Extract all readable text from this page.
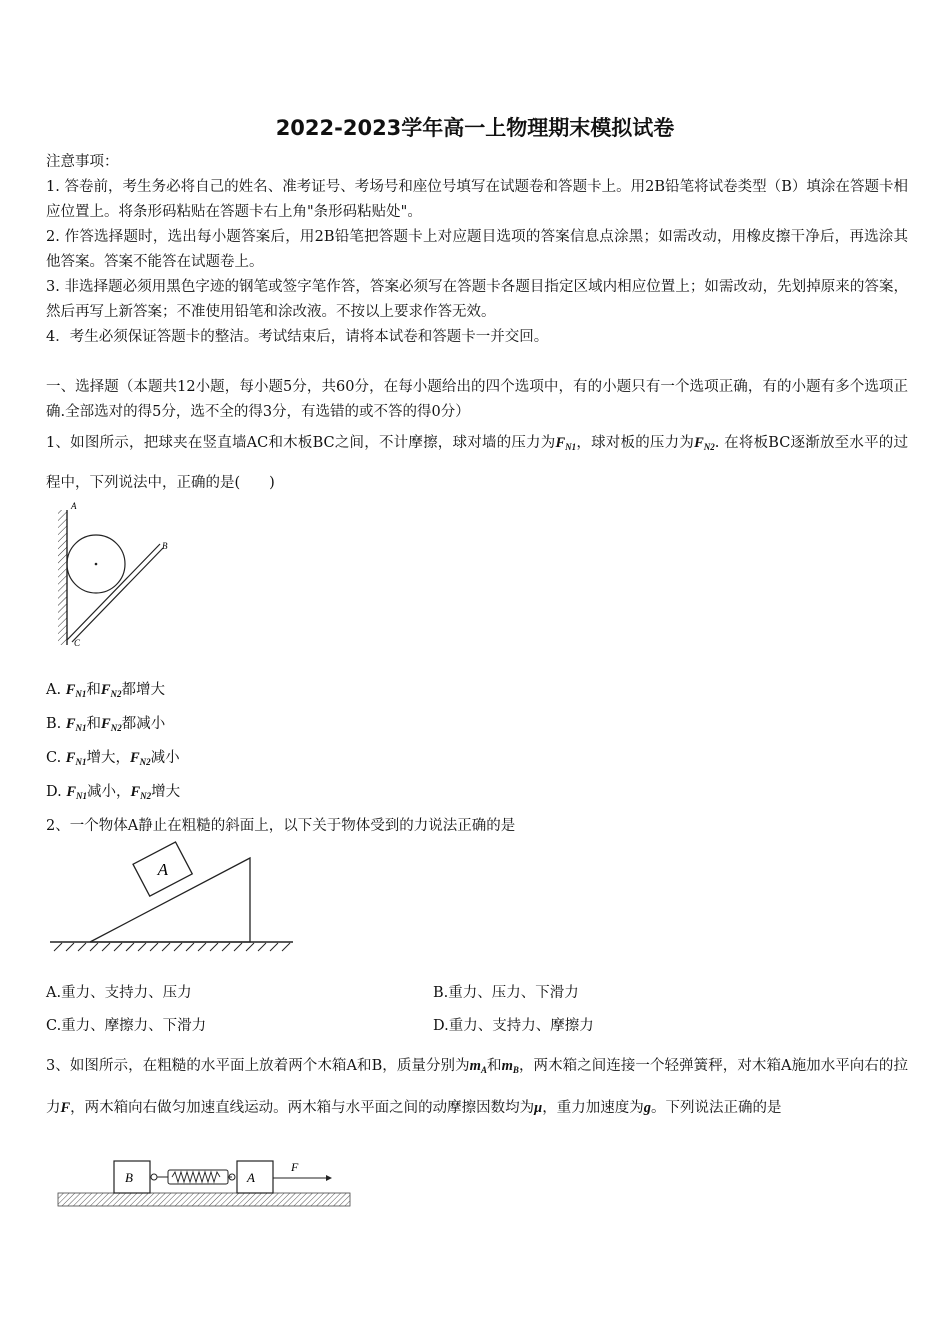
2022-2023学年高一上物理期末模拟试卷
注意事项：
1. 答卷前，考生务必将自己的姓名、准考证号、考场号和座位号填写在试题卷和答题卡上。用2B铅笔将试卷类型（B）填涂在答题卡相应位置上。将条形码粘贴在答题卡右上角"条形码粘贴处"。
2. 作答选择题时，选出每小题答案后，用2B铅笔把答题卡上对应题目选项的答案信息点涂黑；如需改动，用橡皮擦干净后，再选涂其他答案。答案不能答在试题卷上。
3. 非选择题必须用黑色字迹的钢笔或签字笔作答，答案必须写在答题卡各题目指定区域内相应位置上；如需改动，先划掉原来的答案，然后再写上新答案；不准使用铅笔和涂改液。不按以上要求作答无效。
4．考生必须保证答题卡的整洁。考试结束后，请将本试卷和答题卡一并交回。
一、选择题（本题共12小题，每小题5分，共60分，在每小题给出的四个选项中，有的小题只有一个选项正确，有的小题有多个选项正确.全部选对的得5分，选不全的得3分，有选错的或不答的得0分）
1、如图所示，把球夹在竖直墙AC和木板BC之间，不计摩擦，球对墙的压力为$F_{N1}$，球对板的压力为$F_{N2}$. 在将板BC逐渐放至水平的过程中，下列说法中，正确的是(　　)
A
B
C
A. $F_{N1}$和$F_{N2}$都增大
B. $F_{N1}$和$F_{N2}$都减小
C. $F_{N1}$增大，$F_{N2}$减小
D. $F_{N1}$减小，$F_{N2}$增大
2、一个物体A静止在粗糙的斜面上，以下关于物体受到的力说法正确的是
A
A.重力、支持力、压力	B.重力、压力、下滑力
C.重力、摩擦力、下滑力	D.重力、支持力、摩擦力
3、如图所示，在粗糙的水平面上放着两个木箱A和B，质量分别为$m_A$和$m_B$，两木箱之间连接一个轻弹簧秤，对木箱A施加水平向右的拉力F，两木箱向右做匀加速直线运动。两木箱与水平面之间的动摩擦因数均为μ，重力加速度为g。下列说法正确的是
B	A
F
